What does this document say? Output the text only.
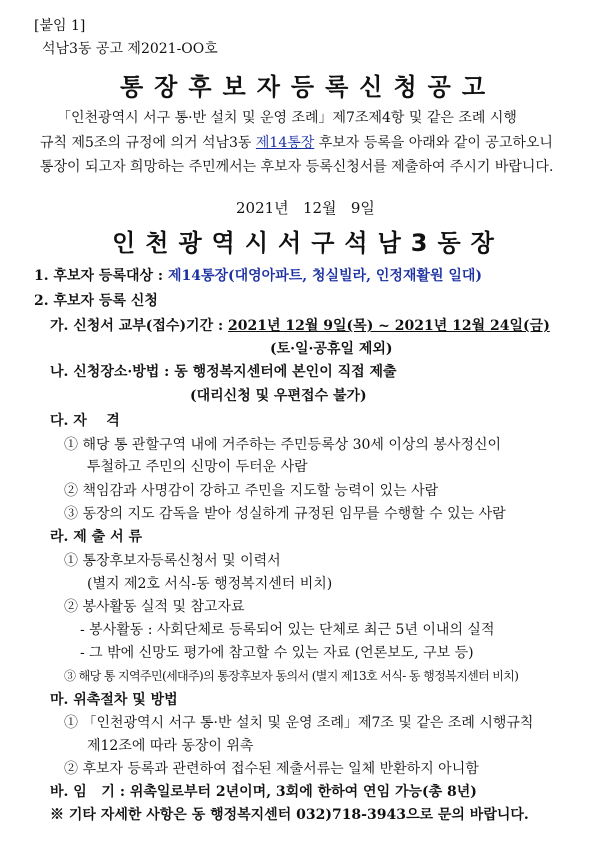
[붙임 1]
석남3동 공고 제2021-OO호
통장후보자등록신청공고
「인천광역시 서구 통·반 설치 및 운영 조례」제7조제4항 및 같은 조례 시행
규칙 제5조의 규정에 의거 석남3동 제14통장 후보자 등록을 아래와 같이 공고하오니
통장이 되고자 희망하는 주민께서는 후보자 등록신청서를 제출하여 주시기 바랍니다.
2021년   12월   9일
인천광역시서구석남3동장
1. 후보자 등록대상 : 제14통장(대영아파트, 청실빌라, 인정재활원 일대)
2. 후보자 등록 신청
가. 신청서 교부(접수)기간 : 2021년 12월 9일(목) ~ 2021년 12월 24일(금)
(토·일·공휴일 제외)
나. 신청장소·방법 : 동 행정복지센터에 본인이 직접 제출
(대리신청 및 우편접수 불가)
다. 자    격
① 해당 통 관할구역 내에 거주하는 주민등록상 30세 이상의 봉사정신이
투철하고 주민의 신망이 두터운 사람
② 책임감과 사명감이 강하고 주민을 지도할 능력이 있는 사람
③ 동장의 지도 감독을 받아 성실하게 규정된 임무를 수행할 수 있는 사람
라. 제 출 서 류
① 통장후보자등록신청서 및 이력서
(별지 제2호 서식-동 행정복지센터 비치)
② 봉사활동 실적 및 참고자료
- 봉사활동 : 사회단체로 등록되어 있는 단체로 최근 5년 이내의 실적
- 그 밖에 신망도 평가에 참고할 수 있는 자료 (언론보도, 구보 등)
③ 해당 통 지역주민(세대주)의 통장후보자 동의서 (별지 제13호 서식- 동 행정복지센터 비치)
마. 위촉절차 및 방법
① 「인천광역시 서구 통·반 설치 및 운영 조례」제7조 및 같은 조례 시행규칙
제12조에 따라 동장이 위촉
② 후보자 등록과 관련하여 접수된 제출서류는 일체 반환하지 아니함
바. 임   기 : 위촉일로부터 2년이며, 3회에 한하여 연임 가능(총 8년)
※ 기타 자세한 사항은 동 행정복지센터 032)718-3943으로 문의 바랍니다.
